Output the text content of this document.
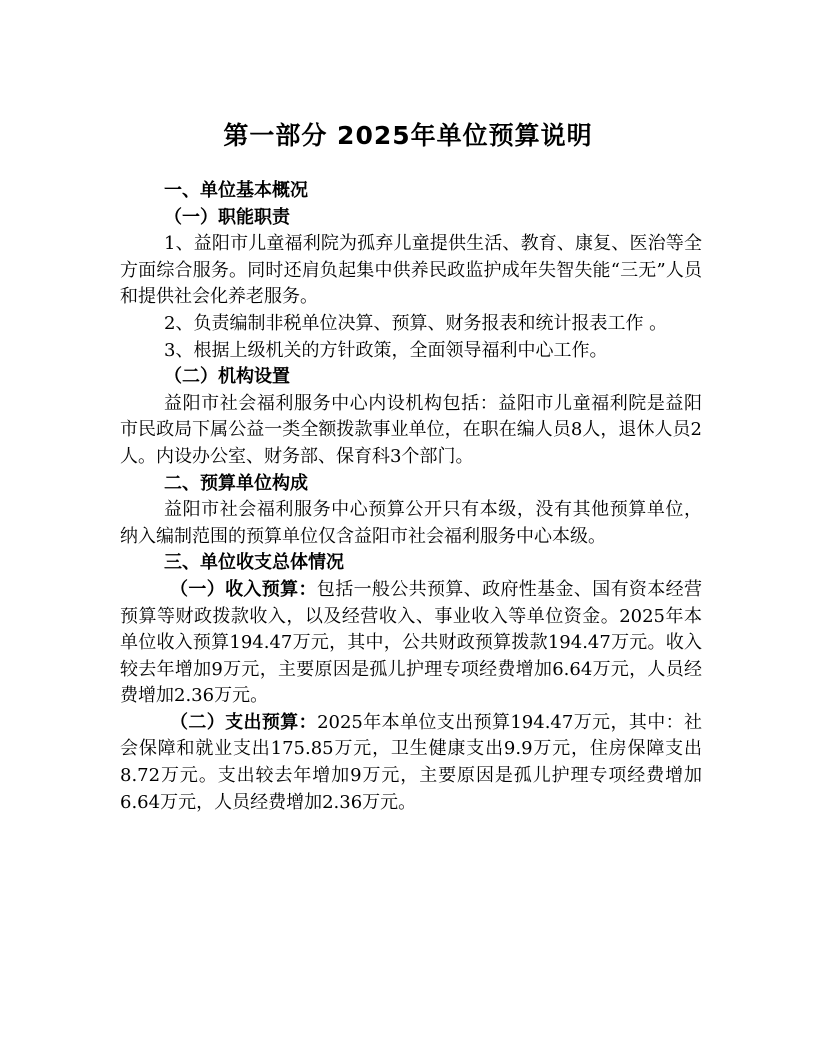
第一部分 2025年单位预算说明

一、单位基本概况

（一）职能职责

1、益阳市儿童福利院为孤弃儿童提供生活、教育、康复、医治等全方面综合服务。同时还肩负起集中供养民政监护成年失智失能“三无”人员和提供社会化养老服务。

2、负责编制非税单位决算、预算、财务报表和统计报表工作 。

3、根据上级机关的方针政策，全面领导福利中心工作。

（二）机构设置

益阳市社会福利服务中心内设机构包括：益阳市儿童福利院是益阳市民政局下属公益一类全额拨款事业单位，在职在编人员8人，退休人员2人。内设办公室、财务部、保育科3个部门。

二、预算单位构成

益阳市社会福利服务中心预算公开只有本级，没有其他预算单位，纳入编制范围的预算单位仅含益阳市社会福利服务中心本级。

三、单位收支总体情况

（一）收入预算：包括一般公共预算、政府性基金、国有资本经营预算等财政拨款收入，以及经营收入、事业收入等单位资金。2025年本单位收入预算194.47万元，其中，公共财政预算拨款194.47万元。收入较去年增加9万元，主要原因是孤儿护理专项经费增加6.64万元，人员经费增加2.36万元。

（二）支出预算：2025年本单位支出预算194.47万元，其中：社会保障和就业支出175.85万元，卫生健康支出9.9万元，住房保障支出8.72万元。支出较去年增加9万元，主要原因是孤儿护理专项经费增加6.64万元，人员经费增加2.36万元。
